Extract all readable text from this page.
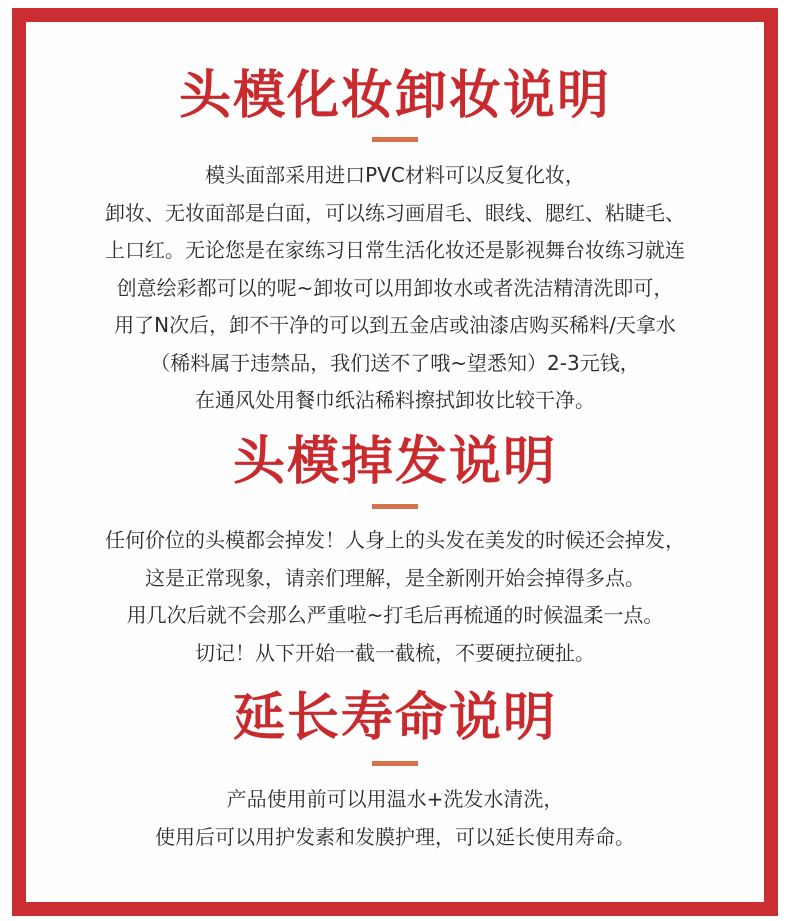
头模化妆卸妆说明
模头面部采用进口PVC材料可以反复化妆，
卸妆、无妆面部是白面，可以练习画眉毛、眼线、腮红、粘睫毛、
上口红。无论您是在家练习日常生活化妆还是影视舞台妆练习就连
创意绘彩都可以的呢~卸妆可以用卸妆水或者洗洁精清洗即可，
用了N次后，卸不干净的可以到五金店或油漆店购买稀料/天拿水
（稀料属于违禁品，我们送不了哦~望悉知）2-3元钱，
在通风处用餐巾纸沾稀料擦拭卸妆比较干净。
头模掉发说明
任何价位的头模都会掉发！人身上的头发在美发的时候还会掉发，
这是正常现象，请亲们理解，是全新刚开始会掉得多点。
用几次后就不会那么严重啦~打毛后再梳通的时候温柔一点。
切记！从下开始一截一截梳，不要硬拉硬扯。
延长寿命说明
产品使用前可以用温水+洗发水清洗，
使用后可以用护发素和发膜护理，可以延长使用寿命。
